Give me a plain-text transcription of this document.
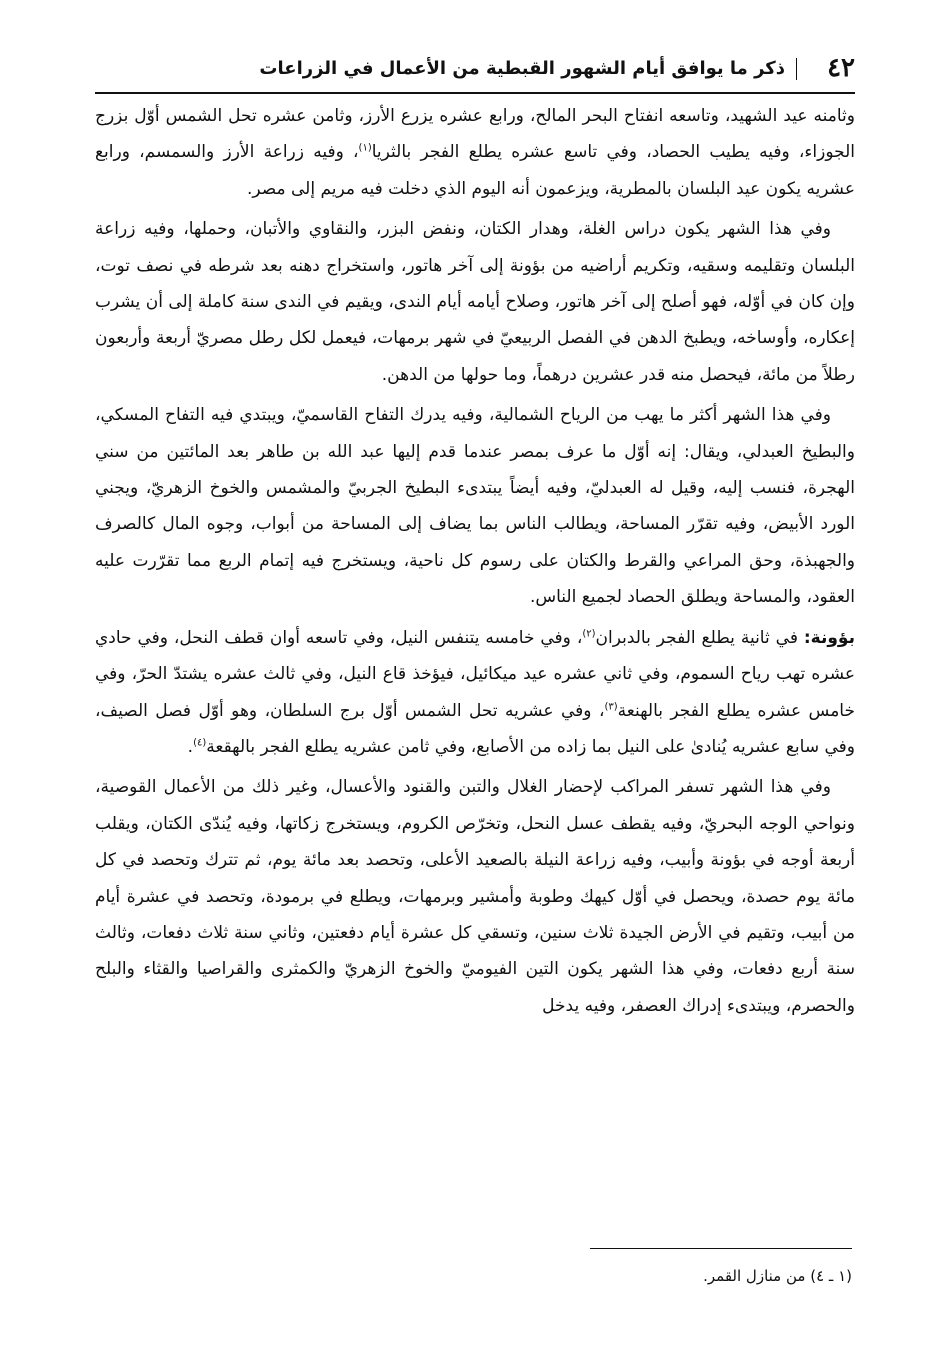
٤٢
ذكر ما يوافق أيام الشهور القبطية من الأعمال في الزراعات

وثامنه عيد الشهيد، وتاسعه انفتاح البحر المالح، ورابع عشره يزرع الأرز، وثامن عشره تحل الشمس أوّل بزرج الجوزاء، وفيه يطيب الحصاد، وفي تاسع عشره يطلع الفجر بالثريا$^{(١)}$، وفيه زراعة الأرز والسمسم، ورابع عشريه يكون عيد البلسان بالمطرية، ويزعمون أنه اليوم الذي دخلت فيه مريم إلى مصر.

وفي هذا الشهر يكون دراس الغلة، وهدار الكتان، ونفض البزر، والنقاوي والأتبان، وحملها، وفيه زراعة البلسان وتقليمه وسقيه، وتكريم أراضيه من بؤونة إلى آخر هاتور، واستخراج دهنه بعد شرطه في نصف توت، وإن كان في أوّله، فهو أصلح إلى آخر هاتور، وصلاح أيامه أيام الندى، ويقيم في الندى سنة كاملة إلى أن يشرب إعكاره، وأوساخه، ويطبخ الدهن في الفصل الربيعيّ في شهر برمهات، فيعمل لكل رطل مصريّ أربعة وأربعون رطلاً من مائة، فيحصل منه قدر عشرين درهماً، وما حولها من الدهن.

وفي هذا الشهر أكثر ما يهب من الرياح الشمالية، وفيه يدرك التفاح القاسميّ، ويبتدي فيه التفاح المسكي، والبطيخ العبدلي، ويقال: إنه أوّل ما عرف بمصر عندما قدم إليها عبد الله بن طاهر بعد المائتين من سني الهجرة، فنسب إليه، وقيل له العبدليّ، وفيه أيضاً يبتدىء البطيخ الجربيّ والمشمس والخوخ الزهريّ، ويجني الورد الأبيض، وفيه تقرّر المساحة، ويطالب الناس بما يضاف إلى المساحة من أبواب، وجوه المال كالصرف والجهبذة، وحق المراعي والقرط والكتان على رسوم كل ناحية، ويستخرج فيه إتمام الربع مما تقرّرت عليه العقود، والمساحة ويطلق الحصاد لجميع الناس.

بؤونة: في ثانية يطلع الفجر بالدبران$^{(٢)}$، وفي خامسه يتنفس النيل، وفي تاسعه أوان قطف النحل، وفي حادي عشره تهب رياح السموم، وفي ثاني عشره عيد ميكائيل، فيؤخذ قاع النيل، وفي ثالث عشره يشتدّ الحرّ، وفي خامس عشره يطلع الفجر بالهنعة$^{(٣)}$، وفي عشريه تحل الشمس أوّل برج السلطان، وهو أوّل فصل الصيف، وفي سابع عشريه يُنادىٰ على النيل بما زاده من الأصابع، وفي ثامن عشريه يطلع الفجر بالهقعة$^{(٤)}$.

وفي هذا الشهر تسفر المراكب لإحضار الغلال والتبن والقنود والأعسال، وغير ذلك من الأعمال القوصية، ونواحي الوجه البحريّ، وفيه يقطف عسل النحل، وتخرّص الكروم، ويستخرج زكاتها، وفيه يُندّى الكتان، ويقلب أربعة أوجه في بؤونة وأبيب، وفيه زراعة النيلة بالصعيد الأعلى، وتحصد بعد مائة يوم، ثم تترك وتحصد في كل مائة يوم حصدة، ويحصل في أوّل كيهك وطوبة وأمشير وبرمهات، ويطلع في برمودة، وتحصد في عشرة أيام من أبيب، وتقيم في الأرض الجيدة ثلاث سنين، وتسقي كل عشرة أيام دفعتين، وثاني سنة ثلاث دفعات، وثالث سنة أربع دفعات، وفي هذا الشهر يكون التين الفيوميّ والخوخ الزهريّ والكمثرى والقراصيا والقثاء والبلح والحصرم، ويبتدىء إدراك العصفر، وفيه يدخل

(١ ـ ٤) من منازل القمر.
